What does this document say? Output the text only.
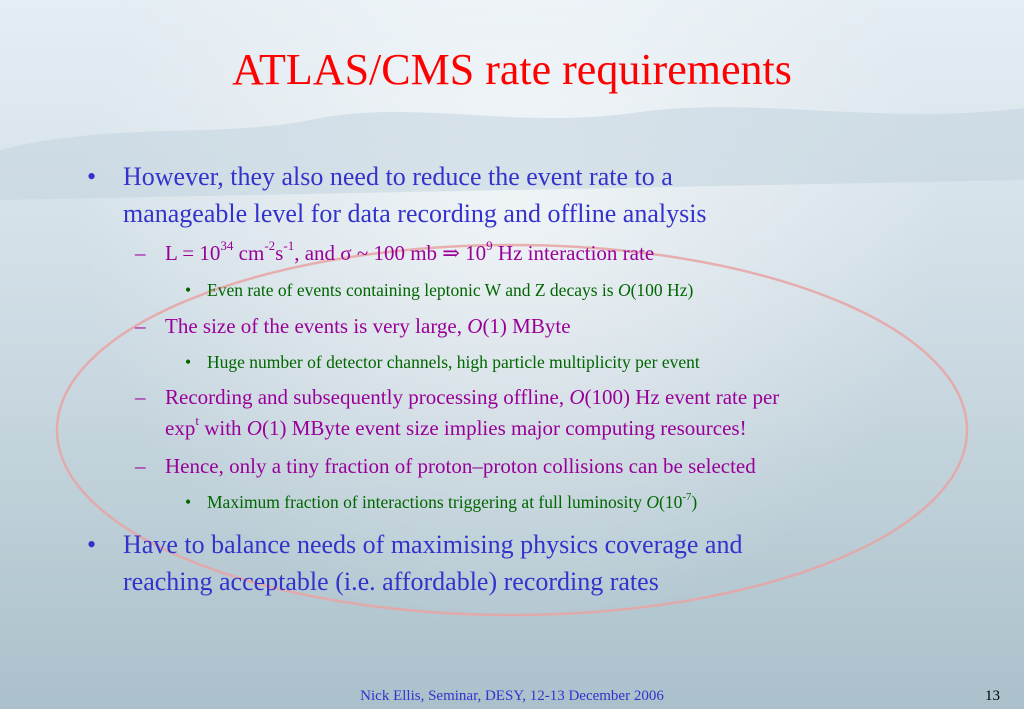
ATLAS/CMS rate requirements
• However, they also need to reduce the event rate to a
manageable level for data recording and offline analysis
– $L = 10^{34}$ $cm^{-2}s^{-1}$, and σ ~ 100 mb ⇒ $10^9$ Hz interaction rate
• Even rate of events containing leptonic W and Z decays is O(100 Hz)
– The size of the events is very large, O(1) MByte
• Huge number of detector channels, high particle multiplicity per event
– Recording and subsequently processing offline, O(100) Hz event rate per
$\exp^t$ with O(1) MByte event size implies major computing resources!
– Hence, only a tiny fraction of proton–proton collisions can be selected
• Maximum fraction of interactions triggering at full luminosity $O(10^{-7})$
• Have to balance needs of maximising physics coverage and
reaching acceptable (i.e. affordable) recording rates
Nick Ellis, Seminar, DESY, 12-13 December 2006	13
